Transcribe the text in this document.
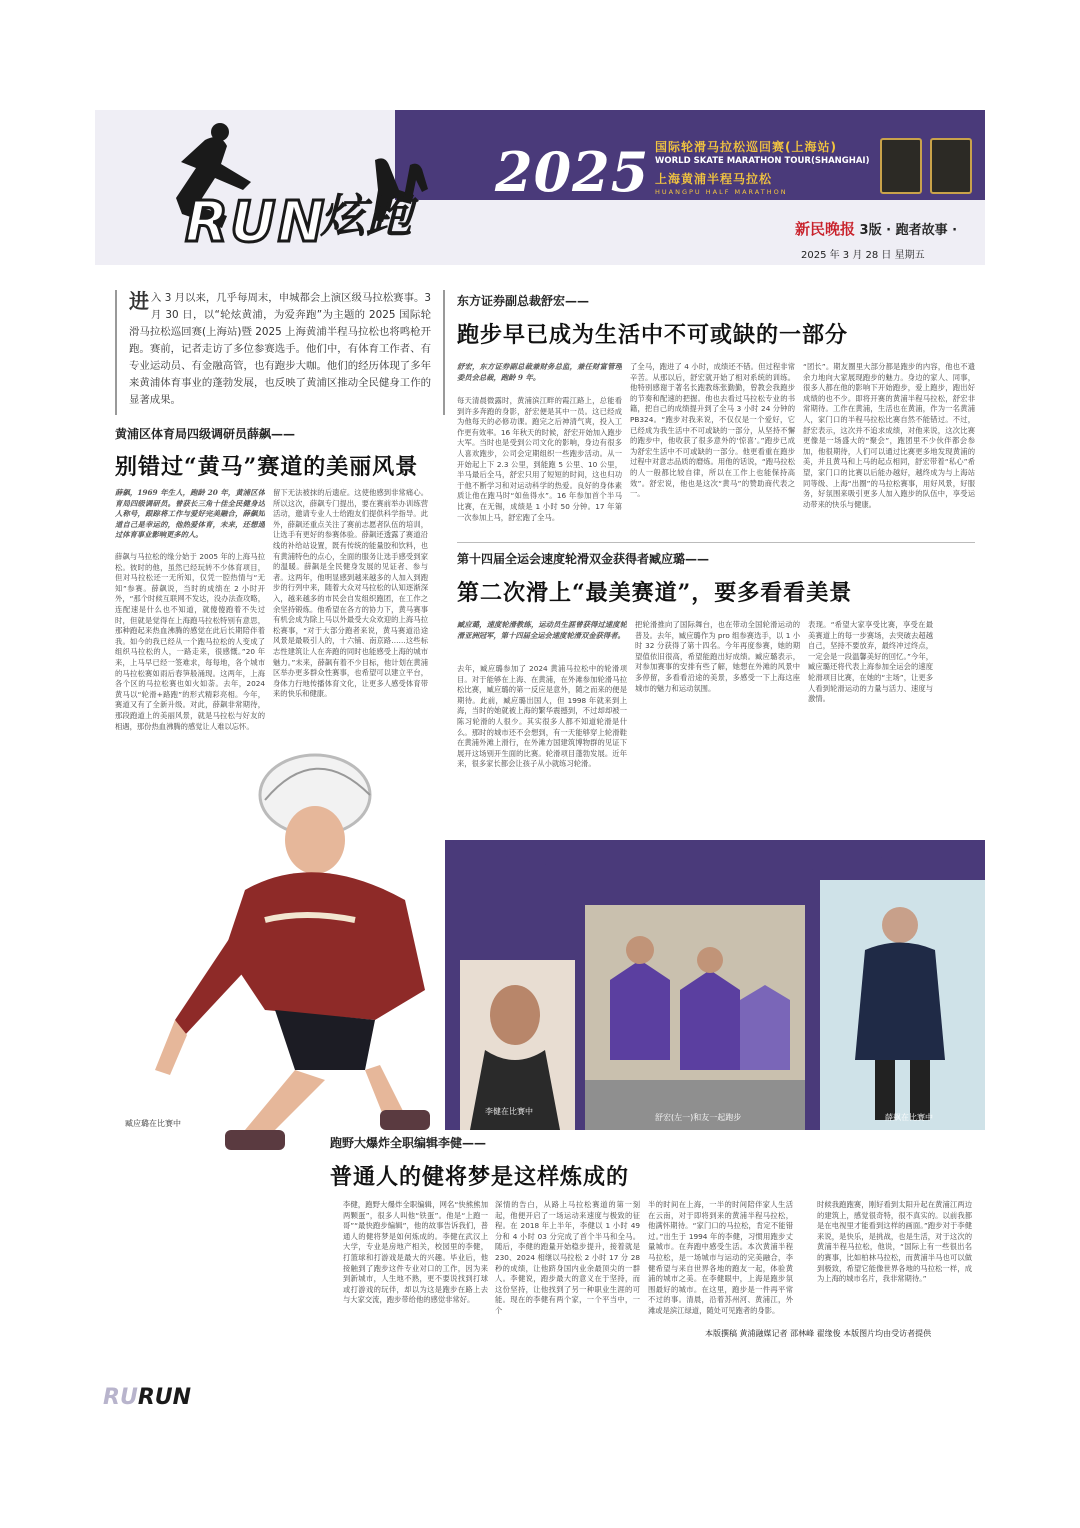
RUN
炫跑
2025 国际轮滑马拉松巡回赛(上海站)
WORLD SKATE MARATHON TOUR(SHANGHAI)
上海黄浦半程马拉松
HUANGPU HALF MARATHON
新民晚报 3版 · 跑者故事 ·
2025 年 3 月 28 日 星期五
进入 3 月以来，几乎每周末，申城都会上演区级马拉松赛事。3 月 30 日，以“轮炫黄浦，为爱奔跑”为主题的 2025 国际轮滑马拉松巡回赛(上海站)暨 2025 上海黄浦半程马拉松也将鸣枪开跑。赛前，记者走访了多位参赛选手。他们中，有体育工作者、有专业运动员、有金融高管，也有跑步大咖。他们的经历体现了多年来黄浦体育事业的蓬勃发展，也反映了黄浦区推动全民健身工作的显著成果。
黄浦区体育局四级调研员薛飙——
别错过“黄马”赛道的美丽风景
薛飙，1969 年生人，跑龄 20 年，黄浦区体育局四级调研员。曾获长三角十佳全民健身达人称号，跟踪将工作与爱好完美融合，薛飙知道自己是幸运的，他热爱体育，未来，还想通过体育事业影响更多的人。
薛飙与马拉松的缘分始于 2005 年的上海马拉松。彼时的他，虽然已经玩转不少体育项目，但对马拉松还一无所知，仅凭一腔热情与“无知”参赛。薛飙说，当时的成绩在 2 小时开外，“那个时候互联网不发达，没办法查攻略，连配速是什么也不知道，就傻傻跑着不失过时，但就是觉得在上海跑马拉松特别有意思，那种跑起来热血沸腾的感觉在此后长期陪伴着我。如今的我已经从一个跑马拉松的人变成了组织马拉松的人，一路走来，很感慨。”20 年来，上马早已经一签难求，每每地，各个城市的马拉松赛如雨后春笋般涌现。这两年，上海各个区的马拉松赛也如火如荼。去年，2024 黄马以“轮滑+路跑”的形式精彩亮相。今年，赛道又有了全新升级。对此，薛飙非常期待，那段跑道上的美丽风景，就是马拉松与好友的相遇，那份热血沸腾的感觉让人难以忘怀。
留下无法被抹的后遗症。这使他感到非常痛心。所以这次，薛飙专门提出，要在赛前举办训练营活动，邀请专业人士给跑友们提供科学指导。此外，薛飙还重点关注了赛前志愿者队伍的培训，让选手有更好的参赛体验。薛飙还透露了赛道沿线的补给站设置，既有传统的能量胶和饮料，也有黄浦特色的点心，全面的服务让选手感受到家的温暖。薛飙是全民健身发展的见证者、参与者。这两年，他明显感到越来越多的人加入到跑步的行列中来，随着大众对马拉松的认知逐渐深入，越来越多的市民会自发组织跑团，在工作之余坚持锻炼。他希望在各方的协力下，黄马赛事有机会成为除上马以外最受大众欢迎的上海马拉松赛事，“对于大部分跑者来说，黄马赛道沿途风景是最吸引人的，十六铺、南京路……这些标志性建筑让人在奔跑的同时也能感受上海的城市魅力。”未来，薛飙有着不少目标，他计划在黄浦区举办更多群众性赛事，也希望可以建立平台，身体力行地传播体育文化，让更多人感受体育带来的快乐和健康。
东方证券副总裁舒宏——
跑步早已成为生活中不可或缺的一部分
舒宏，东方证券副总裁兼财务总监，兼任财富管理委员会总裁，跑龄 9 年。
每天清晨微露时，黄浦滨江畔的霞江路上，总能看到许多奔跑的身影，舒宏便是其中一员。这已经成为他每天的必修功课。跑完之后神清气爽，投入工作更有效率。16 年秋天的时候，舒宏开始加入跑步大军。当时也是受到公司文化的影响，身边有很多人喜欢跑步，公司会定期组织一些跑步活动。从一开始起上下 2.3 公里，到能跑 5 公里、10 公里，半马最后全马，舒宏只用了短短的时间，这也归功于他不断学习和对运动科学的热爱。良好的身体素质让他在跑马时“如鱼得水”。16 年参加首个半马比赛，在无锡，成绩是 1 小时 50 分钟。17 年第一次参加上马，舒宏跑了全马。
了全马，跑进了 4 小时，成绩还不错。但过程非常辛苦。从那以后，舒宏就开始了相对系统的训练。他特别感谢于著名长跑教练张勤勤，曾教会我跑步的节奏和配速的把握。他也去看过马拉松专业的书籍，把自己的成绩提升到了全马 3 小时 24 分钟的 PB324。“跑步对我来说，不仅仅是一个爱好，它已经成为我生活中不可或缺的一部分，从坚持不懈的跑步中，他收获了很多意外的‘惊喜’。”跑步已成为舒宏生活中不可或缺的一部分。他更看重在跑步过程中对意志品质的磨炼。用他的话说，“跑马拉松的人一般都比较自律，所以在工作上也能保持高效”。舒宏说，他也是这次“黄马”的赞助商代表之一。
“团长”。期友圈里大部分都是跑步的内容，他也不遗余力地向大家展现跑步的魅力。身边的家人、同事，很多人都在他的影响下开始跑步，爱上跑步，跑出好成绩的也不少。即将开赛的黄浦半程马拉松，舒宏非常期待。工作在黄浦，生活也在黄浦，作为一名黄浦人，家门口的半程马拉松比赛自然不能错过。不过，舒宏表示，这次并不追求成绩，对他来说，这次比赛更像是一场盛大的“聚会”，跑团里不少伙伴都会参加，他很期待，人们可以通过比赛更多地发现黄浦的美，并且黄马和上马的起点相同，舒宏带着“私心”希望，家门口的比赛以后能办越好，越终成为与上海站同等级、上海“出圈”的马拉松赛事，用好风景，好服务，好氛围来吸引更多人加入跑步的队伍中，享受运动带来的快乐与健康。
第十四届全运会速度轮滑双金获得者臧应璐——
第二次滑上“最美赛道”，要多看看美景
臧应璐，速度轮滑教练，运动员生涯曾获得过速度轮滑亚洲冠军，第十四届全运会速度轮滑双金获得者。
去年，臧应璐参加了 2024 黄浦马拉松中的轮滑项目。对于能够在上海、在黄浦，在外滩参加轮滑马拉松比赛，臧应璐的第一反应是意外，随之而来的便是期待。此前，臧应璐出国人，但 1998 年就来到上海，当时的她就被上海的繁华震撼到，不过却却被一陈习轮滑的人很少。其实很多人都不知道轮滑是什么。那时的城市还不会想到，有一天能够穿上轮滑鞋在黄浦外滩上滑行，在外滩方国建筑博物群的见证下展开这场别开生面的比赛。轮滑项目蓬勃发展。近年来，很多家长都会让孩子从小就练习轮滑。
把轮滑推向了国际舞台，也在带动全国轮滑运动的普及。去年，臧应璐作为 pro 组参赛选手，以 1 小时 32 分获得了第十四名。今年再度参赛，她的期望值依旧很高，希望能跑出好成绩。臧应璐表示，对参加赛事的安排有些了解，她想在外滩的风景中多停留，多看看沿途的美景，多感受一下上海这座城市的魅力和运动氛围。
表现。“希望大家享受比赛，享受在最美赛道上的每一步赛场，去突破去超越自己，坚持不要放弃，最终冲过终点，一定会是一段温馨美好的回忆。”今年，臧应璐还将代表上海参加全运会的速度轮滑项目比赛，在她的“主场”，让更多人看到轮滑运动的力量与活力、速度与激情。
臧应璐在比赛中
李健在比赛中
舒宏(左一)和友一起跑步	薛飙在比赛中
跑野大爆炸全职编辑李健——
普通人的健将梦是这样炼成的
李健，跑野大爆炸全职编辑，网名“快熊熊加两颗蛋”，很多人叫他“铁蛋”。他是“上跑一哥”“最快跑步编辑”，他的故事告诉我们，普通人的健将梦是如何炼成的。李健在武汉上大学，专业是房地产相关，校园里的李健，打篮球和打游戏是最大的兴趣。毕业后，他接触到了跑步这件专业对口的工作，因为来到新城市，人生地不熟，更不要说找到打球或打游戏的玩伴，却以为这是跑步在路上去与大家交流，跑步带给他的感觉非常好。
深情的告白，从路上马拉松赛道的第一刻起，他便开启了一场运动来速度与极致的征程。在 2018 年上半年，李健以 1 小时 49 分和 4 小时 03 分完成了首个半马和全马。随后，李健的跑量开始稳步提升，接着就是 230、2024 相继以马拉松 2 小时 17 分 28 秒的成绩，让他跻身国内业余最顶尖的一群人。李健说，跑步最大的意义在于坚持，而这份坚持，让他找到了另一种职业生涯的可能。现在的李健有两个家，一个平当中，一个
半的时间在上海，一半的时间陪伴家人生活在云南，对于即将到来的黄浦半程马拉松，他满怀期待。“家门口的马拉松，肯定不能错过。”出生于 1994 年的李健，习惯用跑步丈量城市。在奔跑中感受生活。本次黄浦半程马拉松，是一场城市与运动的完美融合，李健希望与来自世界各地的跑友一起，体验黄浦的城市之美。在李健眼中，上海是跑步氛围最好的城市。在这里，跑步是一件再平常不过的事。清晨，沿着苏州河、黄浦江，外滩或是滨江绿道，随处可见跑者的身影。
时候我跑跑赛，刚好看到太阳升起在黄浦江两边的建筑上，感觉很奇特，很不真实的。以前我都是在电视里才能看到这样的画面。”跑步对于李健来说，是快乐，是挑战，也是生活，对于这次的黄浦半程马拉松，他说，“国际上有一些很出名的赛事，比如柏林马拉松，而黄浦半马也可以做到极致，希望它能像世界各地的马拉松一样，成为上海的城市名片，我非常期待。”
本版撰稿 黄浦融媒记者 邵林峰 翟缘俊 本版图片均由受访者提供
RURUN
